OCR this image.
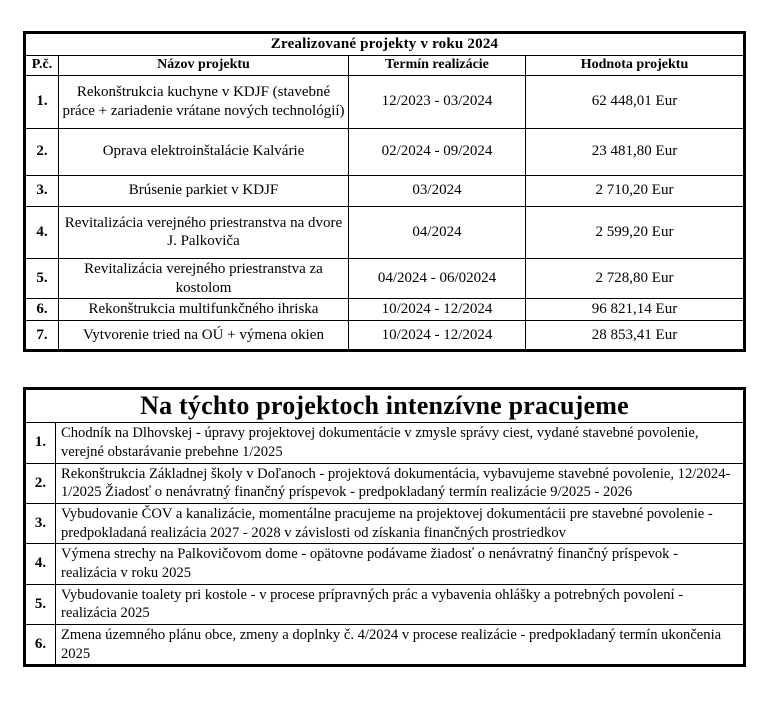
Zrealizované projekty v roku 2024			
P.č.	Názov projektu	Termín realizácie	Hodnota projektu
1.	Rekonštrukcia kuchyne v KDJF (stavebné práce + zariadenie vrátane nových technológií)	12/2023 - 03/2024	62 448,01 Eur
2.	Oprava elektroinštalácie Kalvárie	02/2024 - 09/2024	23 481,80 Eur
3.	Brúsenie parkiet v KDJF	03/2024	2 710,20 Eur
4.	Revitalizácia verejného priestranstva na dvore J. Palkoviča	04/2024	2 599,20 Eur
5.	Revitalizácia verejného priestranstva za kostolom	04/2024 - 06/02024	2 728,80 Eur
6.	Rekonštrukcia multifunkčného ihriska	10/2024 - 12/2024	96 821,14 Eur
7.	Vytvorenie tried na OÚ + výmena okien	10/2024 - 12/2024	28 853,41 Eur
Na týchto projektoch intenzívne pracujeme	
1.	Chodník na Dlhovskej - úpravy projektovej dokumentácie v zmysle správy ciest, vydané stavebné povolenie, verejné obstarávanie prebehne 1/2025
2.	Rekonštrukcia Základnej školy v Doľanoch - projektová dokumentácia, vybavujeme stavebné povolenie, 12/2024-1/2025 Žiadosť o nenávratný finančný príspevok - predpokladaný termín realizácie 9/2025 - 2026
3.	Vybudovanie ČOV a kanalizácie, momentálne pracujeme na projektovej dokumentácii pre stavebné povolenie - predpokladaná realizácia 2027 - 2028 v závislosti od získania finančných prostriedkov
4.	Výmena strechy na Palkovičovom dome - opätovne podávame žiadosť o nenávratný finančný príspevok - realizácia v roku 2025
5.	Vybudovanie toalety pri kostole - v procese prípravných prác a vybavenia ohlášky a potrebných povolení - realizácia 2025
6.	Zmena územného plánu obce, zmeny a doplnky č. 4/2024 v procese realizácie - predpokladaný termín ukončenia 2025
